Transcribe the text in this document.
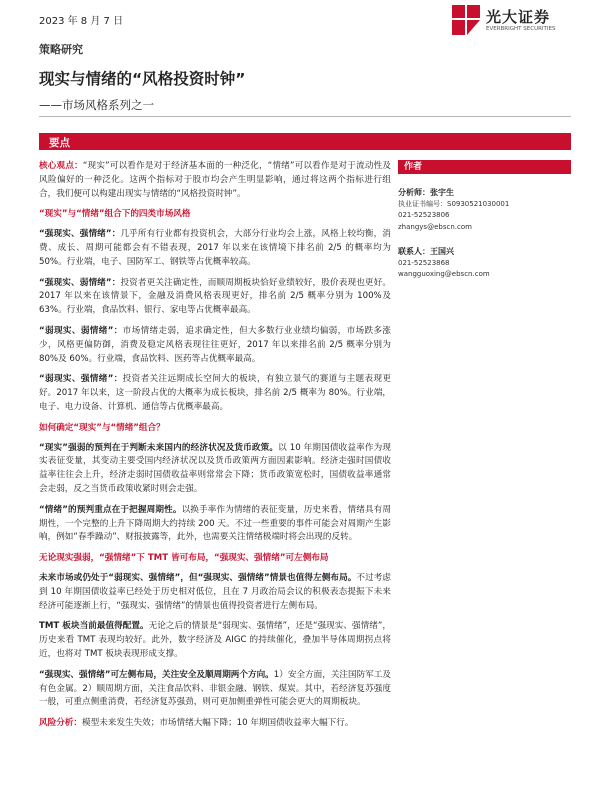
2023 年 8 月 7 日	光大证券
EVERBRIGHT SECURITIES
策略研究
现实与情绪的“风格投资时钟”
——市场风格系列之一
要点

核心观点：“现实”可以看作是对于经济基本面的一种泛化，“情绪”可以看作是对于流动性及风险偏好的一种泛化。这两个指标对于股市均会产生明显影响，通过将这两个指标进行组合，我们便可以构建出现实与情绪的“风格投资时钟”。

“现实”与“情绪”组合下的四类市场风格

“强现实、强情绪”：几乎所有行业都有投资机会，大部分行业均会上涨，风格上较均衡，消费、成长、周期可能都会有不错表现，2017 年以来在该情境下排名前 2/5 的概率均为 50%。行业端，电子、国防军工、钢铁等占优概率较高。

“强现实、弱情绪”：投资者更关注确定性，而顺周期板块恰好业绩较好，股价表现也更好。2017 年以来在该情景下，金融及消费风格表现更好，排名前 2/5 概率分别为 100%及 63%。行业端，食品饮料、银行、家电等占优概率最高。

“弱现实、弱情绪”：市场情绪走弱，追求确定性，但大多数行业业绩均偏弱，市场跌多涨少，风格更偏防御，消费及稳定风格表现往往更好，2017 年以来排名前 2/5 概率分别为 80%及 60%。行业端，食品饮料、医药等占优概率最高。

“弱现实、强情绪”：投资者关注远期成长空间大的板块，有独立景气的赛道与主题表现更好。2017 年以来，这一阶段占优的大概率为成长板块，排名前 2/5 概率为 80%。行业端，电子、电力设备、计算机、通信等占优概率最高。

如何确定“现实”与“情绪”组合？

“现实”强弱的预判在于判断未来国内的经济状况及货币政策。以 10 年期国债收益率作为现实表征变量，其变动主要受国内经济状况以及货币政策两方面因素影响。经济走强时国债收益率往往会上升，经济走弱时国债收益率则常常会下降；货币政策宽松时，国债收益率通常会走弱，反之当货币政策收紧时则会走强。

“情绪”的预判重点在于把握周期性。以换手率作为情绪的表征变量，历史来看，情绪具有周期性，一个完整的上升下降周期大约持续 200 天。不过一些重要的事件可能会对周期产生影响，例如“春季躁动”、财报披露等，此外，也需要关注情绪极端时将会出现的反转。

无论现实强弱，“强情绪”下 TMT 皆可布局，“强现实、强情绪”可左侧布局

未来市场或仍处于“弱现实、强情绪”，但“强现实、强情绪”情景也值得左侧布局。不过考虑到 10 年期国债收益率已经处于历史相对低位，且在 7 月政治局会议的积极表态提振下未来经济可能逐渐上行，“强现实、强情绪”的情景也值得投资者进行左侧布局。

TMT 板块当前最值得配置。无论之后的情景是“弱现实、强情绪”，还是“强现实、强情绪”，历史来看 TMT 表现均较好。此外，数字经济及 AIGC 的持续催化，叠加半导体周期拐点将近，也将对 TMT 板块表现形成支撑。

“强现实、强情绪”可左侧布局，关注安全及顺周期两个方向。1）安全方面，关注国防军工及有色金属。2）顺周期方面，关注食品饮料、非银金融、钢铁、煤炭。其中，若经济复苏强度一般，可重点侧重消费，若经济复苏强劲，则可更加侧重弹性可能会更大的周期板块。

风险分析：模型未来发生失效；市场情绪大幅下降；10 年期国债收益率大幅下行。

作者
分析师：张宇生
执业证书编号：S0930521030001
021-52523806
zhangys@ebscn.com
联系人：王国兴
021-52523868
wangguoxing@ebscn.com
